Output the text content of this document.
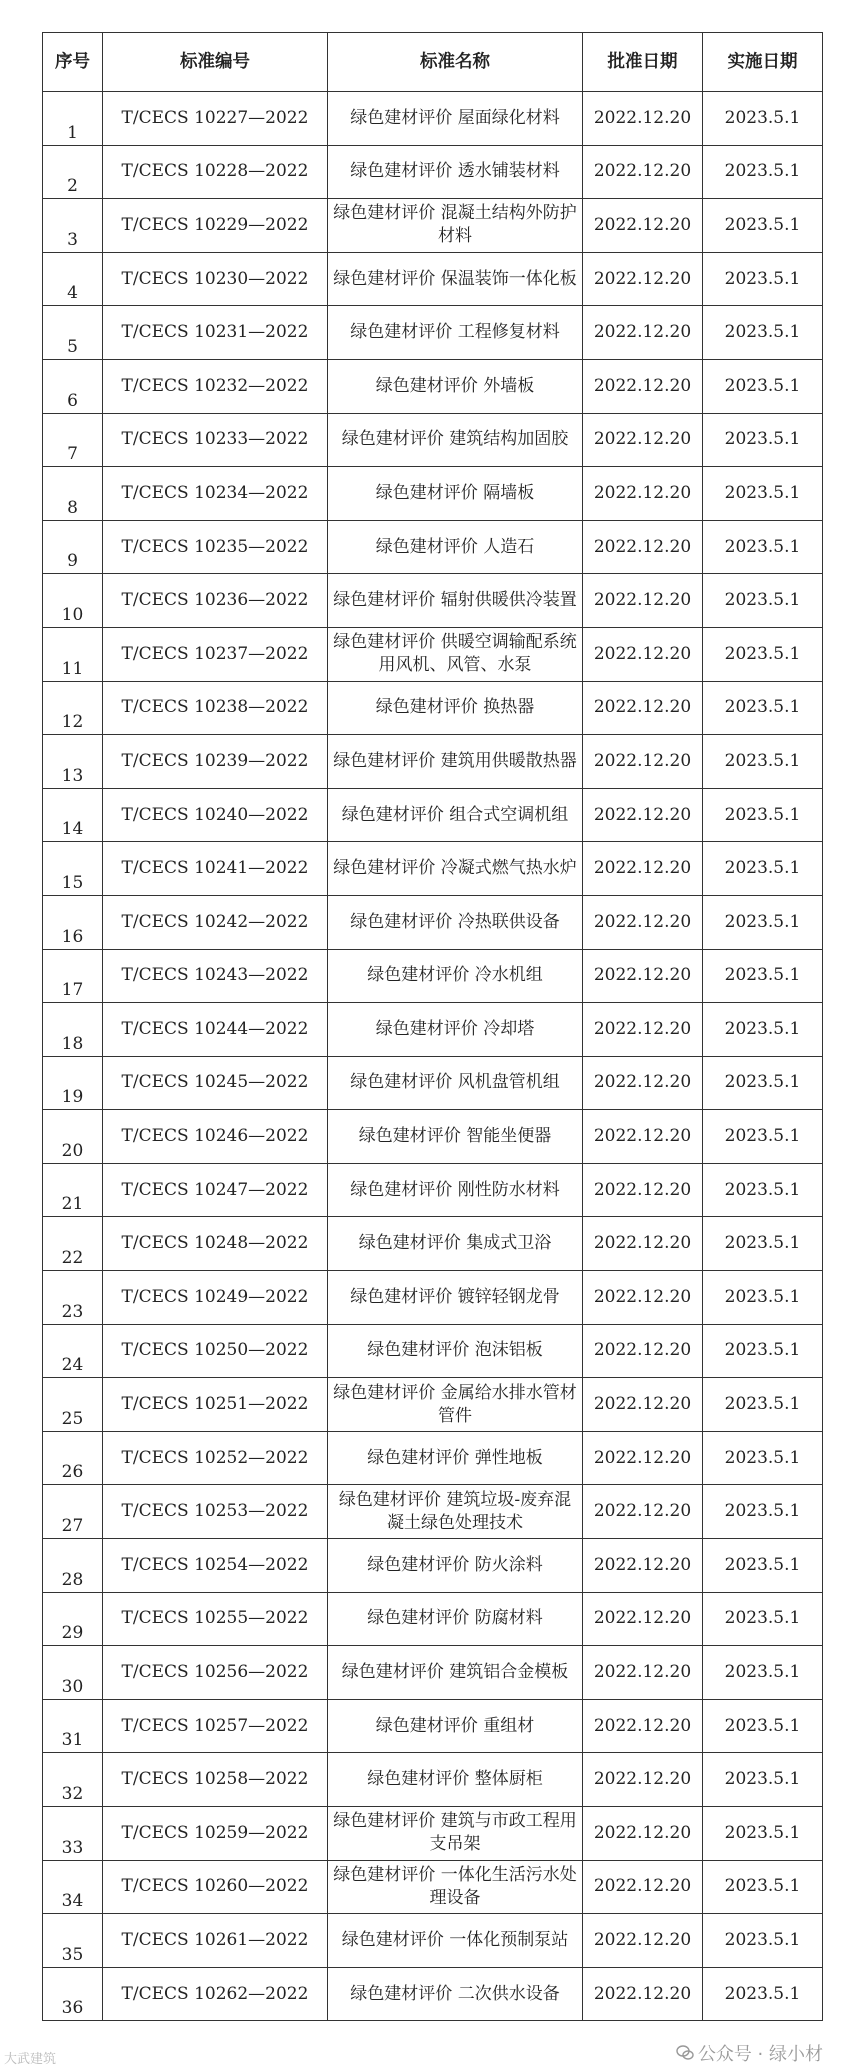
序号	标准编号	标准名称	批准日期	实施日期
1	T/CECS 10227—2022	绿色建材评价 屋面绿化材料	2022.12.20	2023.5.1
2	T/CECS 10228—2022	绿色建材评价 透水铺装材料	2022.12.20	2023.5.1
3	T/CECS 10229—2022	绿色建材评价 混凝土结构外防护材料	2022.12.20	2023.5.1
4	T/CECS 10230—2022	绿色建材评价 保温装饰一体化板	2022.12.20	2023.5.1
5	T/CECS 10231—2022	绿色建材评价 工程修复材料	2022.12.20	2023.5.1
6	T/CECS 10232—2022	绿色建材评价 外墙板	2022.12.20	2023.5.1
7	T/CECS 10233—2022	绿色建材评价 建筑结构加固胶	2022.12.20	2023.5.1
8	T/CECS 10234—2022	绿色建材评价 隔墙板	2022.12.20	2023.5.1
9	T/CECS 10235—2022	绿色建材评价 人造石	2022.12.20	2023.5.1
10	T/CECS 10236—2022	绿色建材评价 辐射供暖供冷装置	2022.12.20	2023.5.1
11	T/CECS 10237—2022	绿色建材评价 供暖空调输配系统用风机、风管、水泵	2022.12.20	2023.5.1
12	T/CECS 10238—2022	绿色建材评价 换热器	2022.12.20	2023.5.1
13	T/CECS 10239—2022	绿色建材评价 建筑用供暖散热器	2022.12.20	2023.5.1
14	T/CECS 10240—2022	绿色建材评价 组合式空调机组	2022.12.20	2023.5.1
15	T/CECS 10241—2022	绿色建材评价 冷凝式燃气热水炉	2022.12.20	2023.5.1
16	T/CECS 10242—2022	绿色建材评价 冷热联供设备	2022.12.20	2023.5.1
17	T/CECS 10243—2022	绿色建材评价 冷水机组	2022.12.20	2023.5.1
18	T/CECS 10244—2022	绿色建材评价 冷却塔	2022.12.20	2023.5.1
19	T/CECS 10245—2022	绿色建材评价 风机盘管机组	2022.12.20	2023.5.1
20	T/CECS 10246—2022	绿色建材评价 智能坐便器	2022.12.20	2023.5.1
21	T/CECS 10247—2022	绿色建材评价 刚性防水材料	2022.12.20	2023.5.1
22	T/CECS 10248—2022	绿色建材评价 集成式卫浴	2022.12.20	2023.5.1
23	T/CECS 10249—2022	绿色建材评价 镀锌轻钢龙骨	2022.12.20	2023.5.1
24	T/CECS 10250—2022	绿色建材评价 泡沫铝板	2022.12.20	2023.5.1
25	T/CECS 10251—2022	绿色建材评价 金属给水排水管材管件	2022.12.20	2023.5.1
26	T/CECS 10252—2022	绿色建材评价 弹性地板	2022.12.20	2023.5.1
27	T/CECS 10253—2022	绿色建材评价 建筑垃圾-废弃混凝土绿色处理技术	2022.12.20	2023.5.1
28	T/CECS 10254—2022	绿色建材评价 防火涂料	2022.12.20	2023.5.1
29	T/CECS 10255—2022	绿色建材评价 防腐材料	2022.12.20	2023.5.1
30	T/CECS 10256—2022	绿色建材评价 建筑铝合金模板	2022.12.20	2023.5.1
31	T/CECS 10257—2022	绿色建材评价 重组材	2022.12.20	2023.5.1
32	T/CECS 10258—2022	绿色建材评价 整体厨柜	2022.12.20	2023.5.1
33	T/CECS 10259—2022	绿色建材评价 建筑与市政工程用支吊架	2022.12.20	2023.5.1
34	T/CECS 10260—2022	绿色建材评价 一体化生活污水处理设备	2022.12.20	2023.5.1
35	T/CECS 10261—2022	绿色建材评价 一体化预制泵站	2022.12.20	2023.5.1
36	T/CECS 10262—2022	绿色建材评价 二次供水设备	2022.12.20	2023.5.1
大武建筑	公众号 · 绿小材
